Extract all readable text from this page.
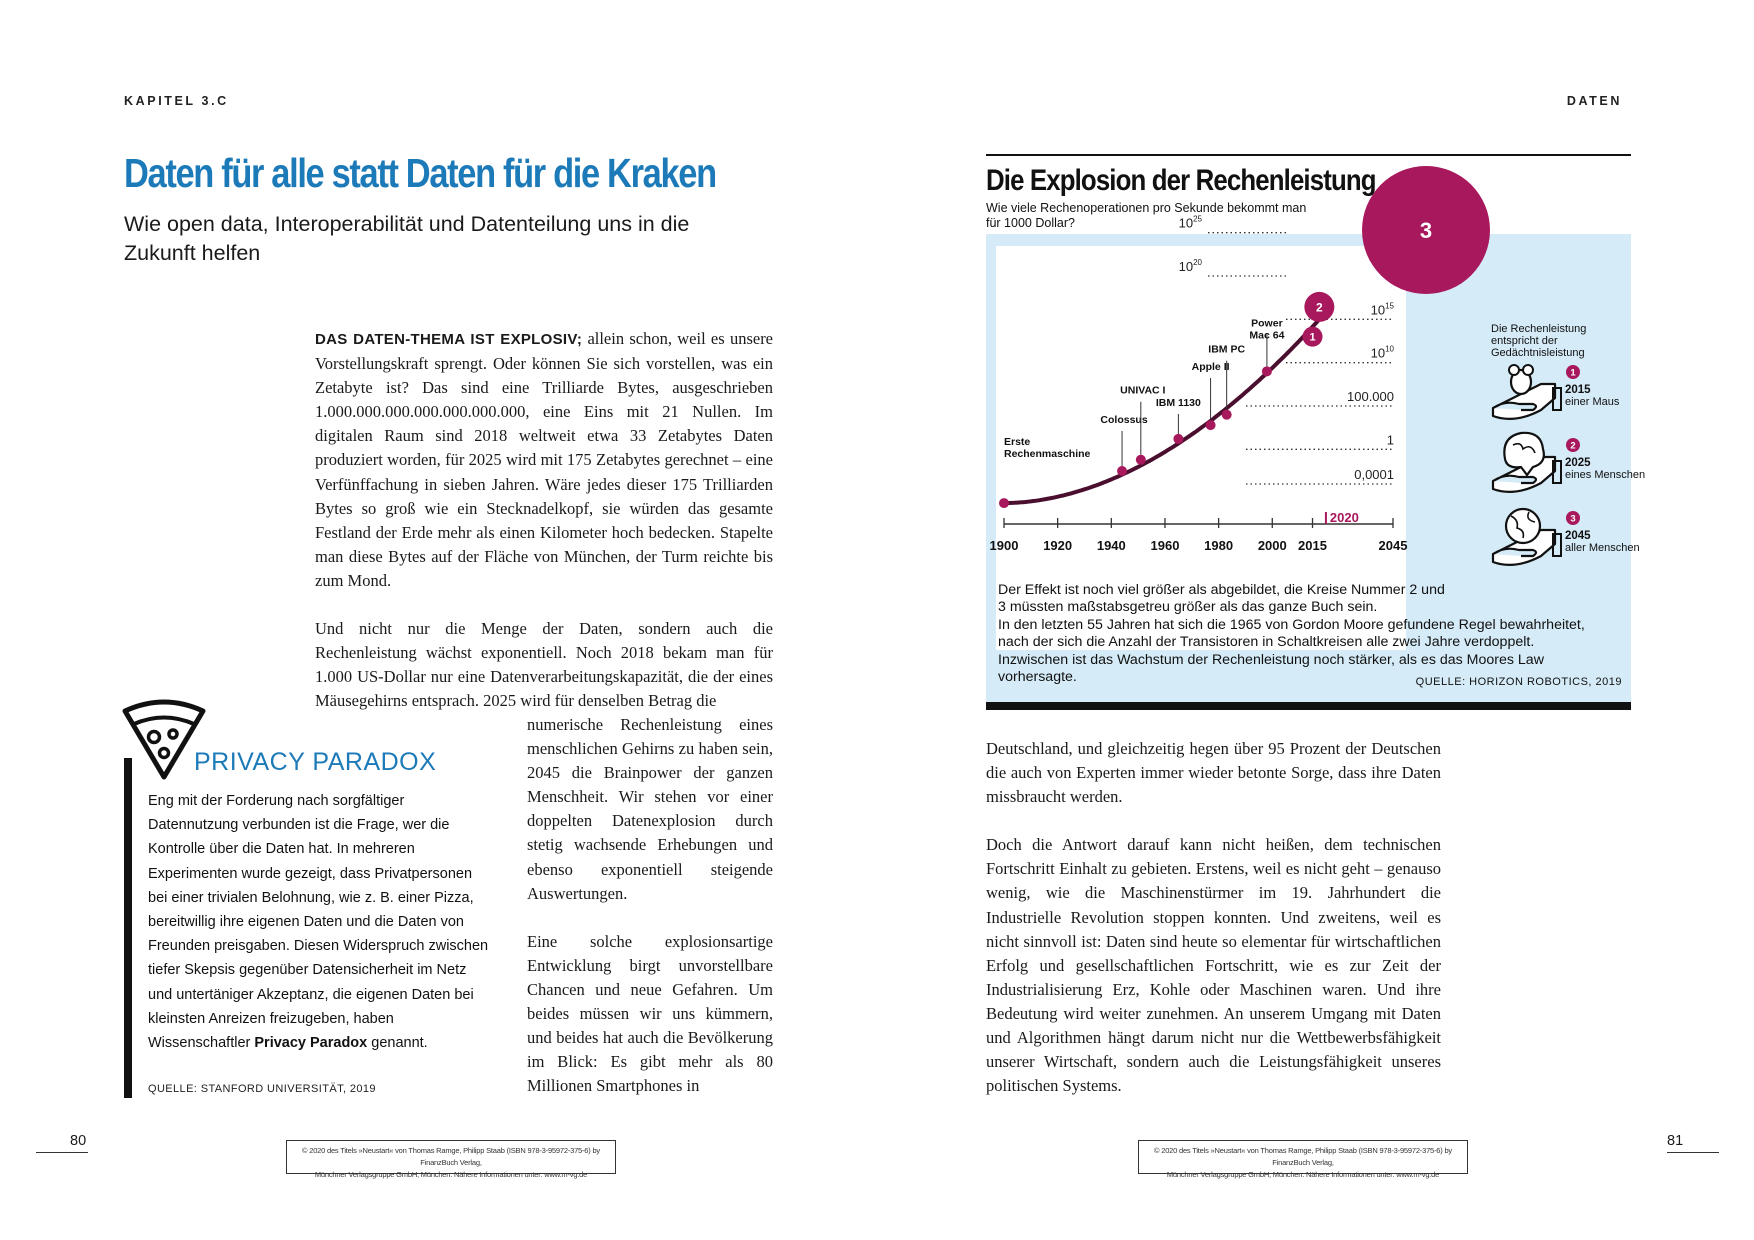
KAPITEL 3.C
Daten für alle statt Daten für die Kraken
Wie open data, Interoperabilität und Datenteilung uns in die Zukunft helfen

DAS DATEN-THEMA IST EXPLOSIV; allein schon, weil es unsere Vorstellungskraft sprengt. Oder können Sie sich vorstellen, was ein Zetabyte ist? Das sind eine Trilliarde Bytes, ausgeschrieben 1.000.000.000.000.000.000.000, eine Eins mit 21 Nullen. Im digitalen Raum sind 2018 weltweit etwa 33 Zetabytes Daten produziert worden, für 2025 wird mit 175 Zetabytes gerechnet – eine Verfünffachung in sieben Jahren. Wäre jedes dieser 175 Trilliarden Bytes so groß wie ein Stecknadelkopf, sie würden das gesamte Festland der Erde mehr als einen Kilometer hoch bedecken. Stapelte man diese Bytes auf der Fläche von München, der Turm reichte bis zum Mond.

Und nicht nur die Menge der Daten, sondern auch die Rechenleistung wächst exponentiell. Noch 2018 bekam man für 1.000 US-Dollar nur eine Datenverarbeitungskapazität, die der eines Mäusegehirns entsprach. 2025 wird für denselben Betrag die

numerische Rechenleistung eines menschlichen Gehirns zu haben sein, 2045 die Brainpower der ganzen Menschheit. Wir stehen vor einer doppelten Datenexplosion durch stetig wachsende Erhebungen und ebenso exponentiell steigende Auswertungen.

Eine solche explosionsartige Entwicklung birgt unvorstellbare Chancen und neue Gefahren. Um beides müssen wir uns kümmern, und beides hat auch die Bevölkerung im Blick: Es gibt mehr als 80 Millionen Smartphones in

PRIVACY PARADOX

Eng mit der Forderung nach sorgfältiger Datennutzung verbunden ist die Frage, wer die Kontrolle über die Daten hat. In mehreren Experimenten wurde gezeigt, dass Privatpersonen bei einer trivialen Belohnung, wie z. B. einer Pizza, bereitwillig ihre eigenen Daten und die Daten von Freunden preisgaben. Diesen Widerspruch zwischen tiefer Skepsis gegenüber Datensicherheit im Netz und untertäniger Akzeptanz, die eigenen Daten bei kleinsten Anreizen freizugeben, haben Wissenschaftler Privacy Paradox genannt.

QUELLE: STANFORD UNIVERSITÄT, 2019

80
© 2020 des Titels »Neustart« von Thomas Ramge, Philipp Staab (ISBN 978-3-95972-375-6) by FinanzBuch Verlag,
Münchner Verlagsgruppe GmbH, München. Nähere Informationen unter: www.m-vg.de
DATEN
Die Explosion der Rechenleistung

Wie viele Rechenoperationen pro Sekunde bekommt man für 1000 Dollar?

0,0001
1
100.000
$10^{10}$
$10^{15}$
$10^{20}$
$10^{25}$
1900 1920 1940 1960 1980 2000 2015	2045
2020
Erste Rechenmaschine
Colossus
UNIVAC I
IBM 1130
Apple II
IBM PC
Power Mac 64 1
2
3
Die Rechenleistung entspricht der Gedächtnisleistung
1
2015
einer Maus
2
2025
eines Menschen
3
2045
aller Menschen
Der Effekt ist noch viel größer als abgebildet, die Kreise Nummer 2 und
3 müssten maßstabsgetreu größer als das ganze Buch sein.
In den letzten 55 Jahren hat sich die 1965 von Gordon Moore gefundene Regel bewahrheitet,
nach der sich die Anzahl der Transistoren in Schaltkreisen alle zwei Jahre verdoppelt.
Inzwischen ist das Wachstum der Rechenleistung noch stärker, als es das Moores Law
vorhersagte.	QUELLE: HORIZON ROBOTICS, 2019

Deutschland, und gleichzeitig hegen über 95 Prozent der Deutschen die auch von Experten immer wieder betonte Sorge, dass ihre Daten missbraucht werden.

Doch die Antwort darauf kann nicht heißen, dem technischen Fortschritt Einhalt zu gebieten. Erstens, weil es nicht geht – genauso wenig, wie die Maschinenstürmer im 19. Jahrhundert die Industrielle Revolution stoppen konnten. Und zweitens, weil es nicht sinnvoll ist: Daten sind heute so elementar für wirtschaftlichen Erfolg und gesellschaftlichen Fortschritt, wie es zur Zeit der Industrialisierung Erz, Kohle oder Maschinen waren. Und ihre Bedeutung wird weiter zunehmen. An unserem Umgang mit Daten und Algorithmen hängt darum nicht nur die Wettbewerbsfähigkeit unserer Wirtschaft, sondern auch die Leistungsfähigkeit unseres politischen Systems.

81
© 2020 des Titels »Neustart« von Thomas Ramge, Philipp Staab (ISBN 978-3-95972-375-6) by FinanzBuch Verlag,
Münchner Verlagsgruppe GmbH, München. Nähere Informationen unter: www.m-vg.de
